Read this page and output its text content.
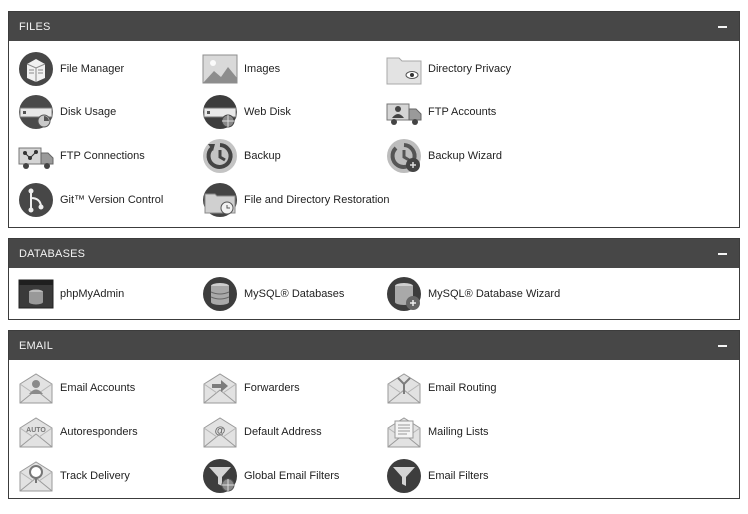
FILES
File Manager	Images	Directory Privacy
Disk Usage	Web Disk	FTP Accounts
FTP Connections	Backup	Backup Wizard
Git™ Version Control	File and Directory Restoration
DATABASES
phpMyAdmin	MySQL® Databases	MySQL® Database Wizard
EMAIL
Email Accounts	Forwarders	Email Routing
AUTO Autoresponders	@ Default Address	Mailing Lists
Track Delivery	Global Email Filters	Email Filters
